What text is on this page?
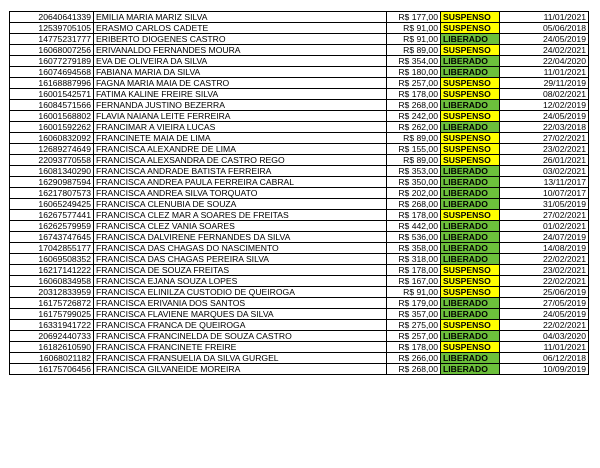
20640641339	EMILIA MARIA MARIZ SILVA	R$ 177,00	SUSPENSO	11/01/2021
12539705105	ERASMO CARLOS CADETE	R$ 91,00	SUSPENSO	05/06/2018
14775231777	ERIBERTO DIOGENES CASTRO	R$ 91,00	LIBERADO	24/05/2019
16068007256	ERIVANALDO FERNANDES MOURA	R$ 89,00	SUSPENSO	24/02/2021
16077279189	EVA DE OLIVEIRA DA SILVA	R$ 354,00	LIBERADO	22/04/2020
16074694568	FABIANA MARIA DA SILVA	R$ 180,00	LIBERADO	11/01/2021
16168887996	FAGNA MARIA MAIA DE CASTRO	R$ 257,00	SUSPENSO	29/11/2019
16001542571	FATIMA KALINE FREIRE SILVA	R$ 178,00	SUSPENSO	08/02/2021
16084571566	FERNANDA JUSTINO BEZERRA	R$ 268,00	LIBERADO	12/02/2019
16001568802	FLAVIA NAIANA LEITE FERREIRA	R$ 242,00	SUSPENSO	24/05/2019
16001592262	FRANCIMAR A VIEIRA LUCAS	R$ 262,00	LIBERADO	22/03/2018
16060832092	FRANCINETE MAIA DE LIMA	R$ 89,00	SUSPENSO	27/02/2021
12689274649	FRANCISCA ALEXANDRE DE LIMA	R$ 155,00	SUSPENSO	23/02/2021
22093770558	FRANCISCA ALEXSANDRA DE CASTRO REGO	R$ 89,00	SUSPENSO	26/01/2021
16081340290	FRANCISCA ANDRADE BATISTA FERREIRA	R$ 353,00	LIBERADO	03/02/2021
16290987594	FRANCISCA ANDREA PAULA FERREIRA CABRAL	R$ 350,00	LIBERADO	13/11/2017
16217807573	FRANCISCA ANDREA SILVA TORQUATO	R$ 202,00	LIBERADO	10/07/2017
16065249425	FRANCISCA CLENUBIA DE SOUZA	R$ 268,00	LIBERADO	31/05/2019
16267577441	FRANCISCA CLEZ MAR A SOARES DE FREITAS	R$ 178,00	SUSPENSO	27/02/2021
16262579959	FRANCISCA CLEZ VANIA SOARES	R$ 442,00	LIBERADO	01/02/2021
16743747645	FRANCISCA DALVIRENE FERNANDES DA SILVA	R$ 536,00	LIBERADO	24/07/2019
17042855177	FRANCISCA DAS CHAGAS DO NASCIMENTO	R$ 358,00	LIBERADO	14/08/2019
16069508352	FRANCISCA DAS CHAGAS PEREIRA SILVA	R$ 318,00	LIBERADO	22/02/2021
16217141222	FRANCISCA DE SOUZA FREITAS	R$ 178,00	SUSPENSO	23/02/2021
16060834958	FRANCISCA EJANA SOUZA LOPES	R$ 167,00	SUSPENSO	22/02/2021
20312833959	FRANCISCA ELINILZA CUSTODIO DE QUEIROGA	R$ 91,00	SUSPENSO	25/06/2019
16175726872	FRANCISCA ERIVANIA DOS SANTOS	R$ 179,00	LIBERADO	27/05/2019
16175799025	FRANCISCA FLAVIENE MARQUES DA SILVA	R$ 357,00	LIBERADO	24/05/2019
16331941722	FRANCISCA FRANCA DE QUEIROGA	R$ 275,00	SUSPENSO	22/02/2021
20692440733	FRANCISCA FRANCINELDA DE SOUZA CASTRO	R$ 257,00	LIBERADO	04/03/2020
16182610590	FRANCISCA FRANCINETE FREIRE	R$ 178,00	SUSPENSO	11/01/2021
16068021182	FRANCISCA FRANSUELIA DA SILVA GURGEL	R$ 266,00	LIBERADO	06/12/2018
16175706456	FRANCISCA GILVANEIDE MOREIRA	R$ 268,00	LIBERADO	10/09/2019
